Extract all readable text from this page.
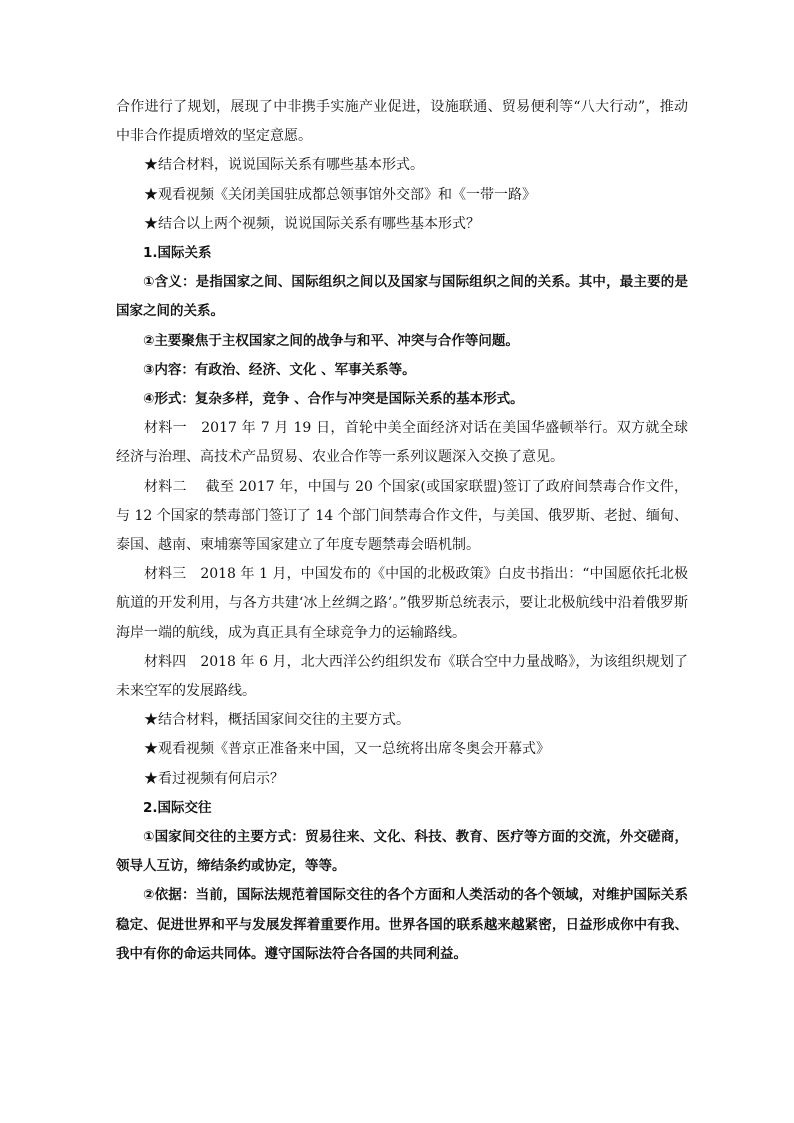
合作进行了规划，展现了中非携手实施产业促进，设施联通、贸易便利等“八大行动”，推动中非合作提质增效的坚定意愿。

★结合材料，说说国际关系有哪些基本形式。

★观看视频《关闭美国驻成都总领事馆外交部》和《一带一路》

★结合以上两个视频，说说国际关系有哪些基本形式？

1.国际关系

①含义：是指国家之间、国际组织之间以及国家与国际组织之间的关系。其中，最主要的是国家之间的关系。

②主要聚焦于主权国家之间的战争与和平、冲突与合作等问题。

③内容：有政治、经济、文化 、军事关系等。

④形式：复杂多样，竞争 、合作与冲突是国际关系的基本形式。

材料一　2017 年 7 月 19 日，首轮中美全面经济对话在美国华盛顿举行。双方就全球经济与治理、高技术产品贸易、农业合作等一系列议题深入交换了意见。

材料二　 截至 2017 年，中国与 20 个国家(或国家联盟)签订了政府间禁毒合作文件，与 12 个国家的禁毒部门签订了 14 个部门间禁毒合作文件，与美国、俄罗斯、老挝、缅甸、泰国、越南、柬埔寨等国家建立了年度专题禁毒会晤机制。

材料三　2018 年 1 月，中国发布的《中国的北极政策》白皮书指出：“中国愿依托北极航道的开发利用，与各方共建‘冰上丝绸之路’。”俄罗斯总统表示，要让北极航线中沿着俄罗斯海岸一端的航线，成为真正具有全球竞争力的运输路线。

材料四　2018 年 6 月，北大西洋公约组织发布《联合空中力量战略》，为该组织规划了未来空军的发展路线。

★结合材料，概括国家间交往的主要方式。

★观看视频《普京正准备来中国，又一总统将出席冬奥会开幕式》

★看过视频有何启示？

2.国际交往

①国家间交往的主要方式：贸易往来、文化、科技、教育、医疗等方面的交流，外交磋商，领导人互访，缔结条约或协定，等等。

②依据：当前，国际法规范着国际交往的各个方面和人类活动的各个领域，对维护国际关系稳定、促进世界和平与发展发挥着重要作用。世界各国的联系越来越紧密，日益形成你中有我、我中有你的命运共同体。遵守国际法符合各国的共同利益。
